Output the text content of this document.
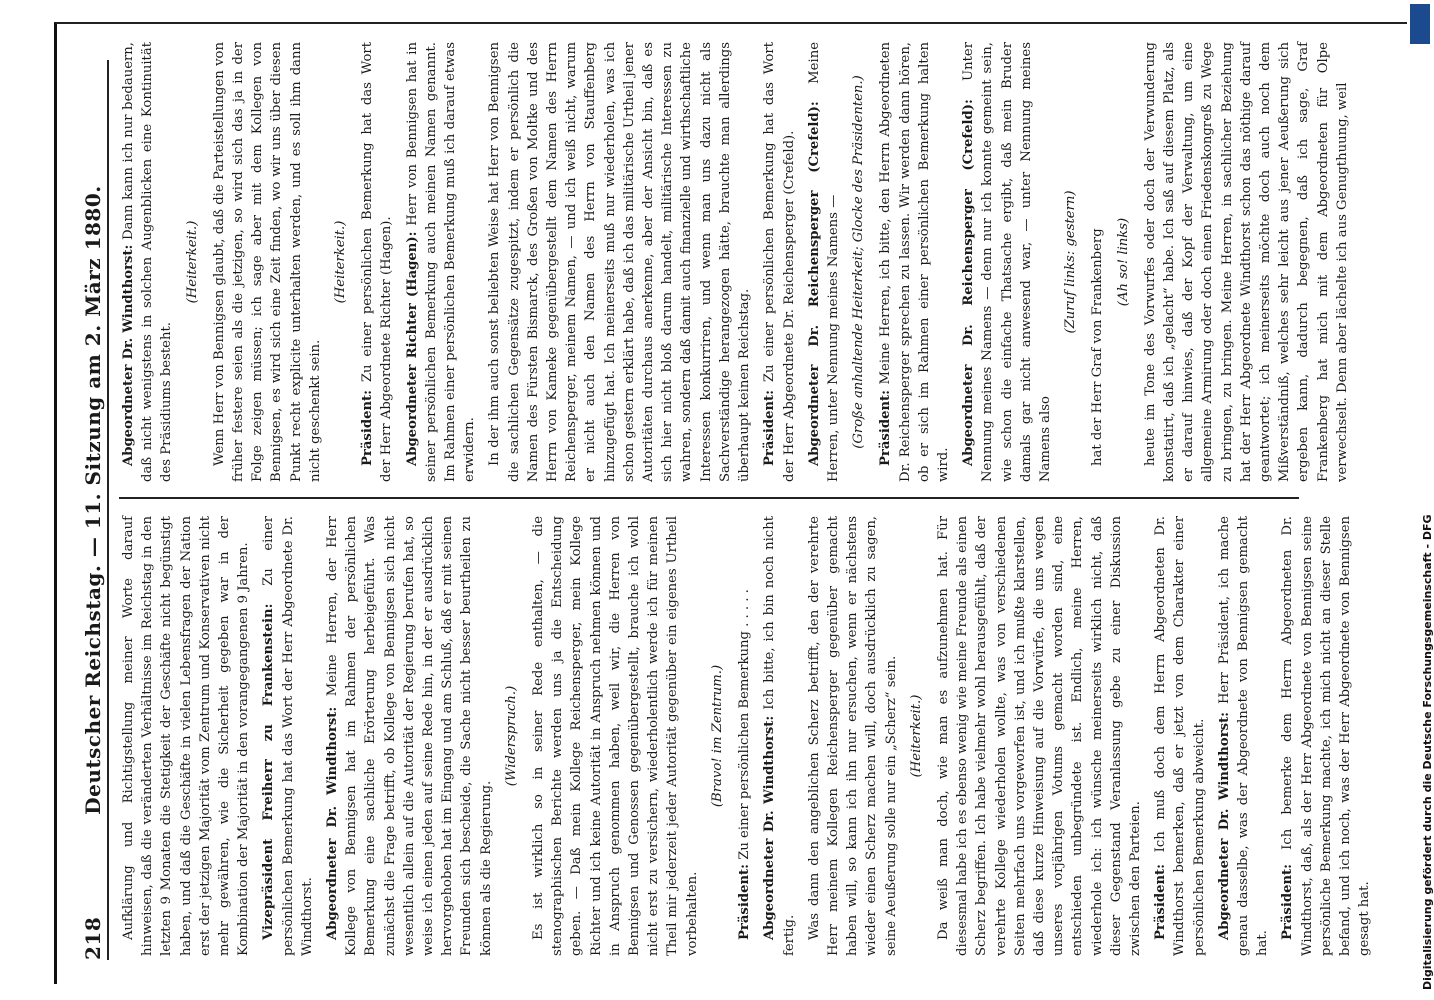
218
Deutscher Reichstag. — 11. Sitzung am 2. März 1880. Aufklärung und Richtigstellung meiner Worte darauf hinweisen, daß die veränderten Verhältnisse im Reichstag in den letzten 9 Monaten die Stetigkeit der Geschäfte nicht begünstigt haben, und daß die Geschäfte in vielen Lebensfragen der Nation erst der jetzigen Majorität vom Zentrum und Konservativen nicht mehr gewähren, wie die Sicherheit gegeben war in der Kombination der Majorität in den vorangegangenen 9 Jahren. Vizepräsident Freiherr zu Frankenstein: Zu einer persönlichen Bemerkung hat das Wort der Herr Abgeordnete Dr. Windthorst. Abgeordneter Dr. Windthorst: Meine Herren, der Herr Kollege von Bennigsen hat im Rahmen der persönlichen Bemerkung eine sachliche Erörterung herbeigeführt. Was zunächst die Frage betrifft, ob Kollege von Bennigsen sich nicht wesentlich allein auf die Autorität der Regierung berufen hat, so weise ich einen jeden auf seine Rede hin, in der er ausdrücklich hervorgehoben hat im Eingang und am Schluß, daß er mit seinen Freunden sich bescheide, die Sache nicht besser beurtheilen zu können als die Regierung.

(Widerspruch.) Es ist wirklich so in seiner Rede enthalten, — die stenographischen Berichte werden uns ja die Entscheidung geben. — Daß mein Kollege Reichensperger, mein Kollege Richter und ich keine Autorität in Anspruch nehmen können und in Anspruch genommen haben, weil wir, die Herren von Bennigsen und Genossen gegenübergestellt, brauche ich wohl nicht erst zu versichern, wiederholentlich werde ich für meinen Theil mir jederzeit jeder Autorität gegenüber ein eigenes Urtheil vorbehalten.

(Bravo! im Zentrum.)

Präsident: Zu einer persönlichen Bemerkung . . . . . Abgeordneter Dr. Windthorst: Ich bitte, ich bin noch nicht fertig. Was dann den angeblichen Scherz betrifft, den der verehrte Herr meinem Kollegen Reichensperger gegenüber gemacht haben will, so kann ich ihn nur ersuchen, wenn er nächstens wieder einen Scherz machen will, doch ausdrücklich zu sagen, seine Aeußerung solle nur ein „Scherz“ sein. (Heiterkeit.) Da weiß man doch, wie man es aufzunehmen hat. Für diesesmal habe ich es ebenso wenig wie meine Freunde als einen Scherz begriffen. Ich habe vielmehr wohl herausgefühlt, daß der verehrte Kollege wiederholen wollte, was von verschiedenen Seiten mehrfach uns vorgeworfen ist, und ich mußte klarstellen, daß diese kurze Hinweisung auf die Vorwürfe, die uns wegen unseres vorjährigen Votums gemacht worden sind, eine entschieden unbegründete ist. Endlich, meine Herren, wiederhole ich: ich wünsche meinerseits wirklich nicht, daß dieser Gegenstand Veranlassung gebe zu einer Diskussion zwischen den Parteien. Präsident: Ich muß doch dem Herrn Abgeordneten Dr. Windthorst bemerken, daß er jetzt von dem Charakter einer persönlichen Bemerkung abweicht. Abgeordneter Dr. Windthorst: Herr Präsident, ich mache genau dasselbe, was der Abgeordnete von Bennigsen gemacht hat.

Präsident: Ich bemerke dem Herrn Abgeordneten Dr. Windthorst, daß, als der Herr Abgeordnete von Bennigsen seine persönliche Bemerkung machte, ich mich nicht an dieser Stelle befand, und ich noch, was der Herr Abgeordnete von Bennigsen gesagt hat.

Abgeordneter Dr. Windthorst: Dann kann ich nur bedauern, daß nicht wenigstens in solchen Augenblicken eine Kontinuität des Präsidiums besteht.

(Heiterkeit.) Wenn Herr von Bennigsen glaubt, daß die Parteistellungen von früher festere seien als die jetzigen, so wird sich das ja in der Folge zeigen müssen; ich sage aber mit dem Kollegen von Bennigsen, es wird sich eine Zeit finden, wo wir uns über diesen Punkt recht explicite unterhalten werden, und es soll ihm dann nicht geschenkt sein.

(Heiterkeit.)

Präsident: Zu einer persönlichen Bemerkung hat das Wort der Herr Abgeordnete Richter (Hagen). Abgeordneter Richter (Hagen): Herr von Bennigsen hat in seiner persönlichen Bemerkung auch meinen Namen genannt. Im Rahmen einer persönlichen Bemerkung muß ich darauf etwas erwidern. In der ihm auch sonst beliebten Weise hat Herr von Bennigsen die sachlichen Gegensätze zugespitzt, indem er persönlich die Namen des Fürsten Bismarck, des Großen von Moltke und des Herrn von Kameke gegenübergestellt dem Namen des Herrn Reichensperger, meinem Namen, — und ich weiß nicht, warum er nicht auch den Namen des Herrn von Stauffenberg hinzugefügt hat. Ich meinerseits muß nur wiederholen, was ich schon gestern erklärt habe, daß ich das militärische Urtheil jener Autoritäten durchaus anerkenne, aber der Ansicht bin, daß es sich hier nicht bloß darum handelt, militärische Interessen zu wahren, sondern daß damit auch finanzielle und wirthschaftliche Interessen konkurriren, und wenn man uns dazu nicht als Sachverständige herangezogen hätte, brauchte man allerdings überhaupt keinen Reichstag. Präsident: Zu einer persönlichen Bemerkung hat das Wort der Herr Abgeordnete Dr. Reichensperger (Crefeld). Abgeordneter Dr. Reichensperger (Crefeld): Meine Herren, unter Nennung meines Namens — (Große anhaltende Heiterkeit; Glocke des Präsidenten.) Präsident: Meine Herren, ich bitte, den Herrn Abgeordneten Dr. Reichensperger sprechen zu lassen. Wir werden dann hören, ob er sich im Rahmen einer persönlichen Bemerkung halten wird. Abgeordneter Dr. Reichensperger (Crefeld): Unter Nennung meines Namens — denn nur ich konnte gemeint sein, wie schon die einfache Thatsache ergibt, daß mein Bruder damals gar nicht anwesend war, — unter Nennung meines Namens also

(Zuruf links: gestern) hat der Herr Graf von Frankenberg (Ah so! links) heute im Tone des Vorwurfes oder doch der Verwunderung konstatirt, daß ich „gelacht“ habe. Ich saß auf diesem Platz, als er darauf hinwies, daß der Kopf der Verwaltung, um eine allgemeine Armirung oder doch einen Friedenskongreß zu Wege zu bringen, zu bringen. Meine Herren, in sachlicher Beziehung hat der Herr Abgeordnete Windthorst schon das nöthige darauf geantwortet; ich meinerseits möchte doch auch noch dem Mißverständniß, welches sehr leicht aus jener Aeußerung sich ergeben kann, dadurch begegnen, daß ich sage, Graf Frankenberg hat mich mit dem Abgeordneten für Olpe verwechselt. Denn aber lächelte ich aus Genugthuung, weil

Digitalisierung gefördert durch die Deutsche Forschungsgemeinschaft - DFG
